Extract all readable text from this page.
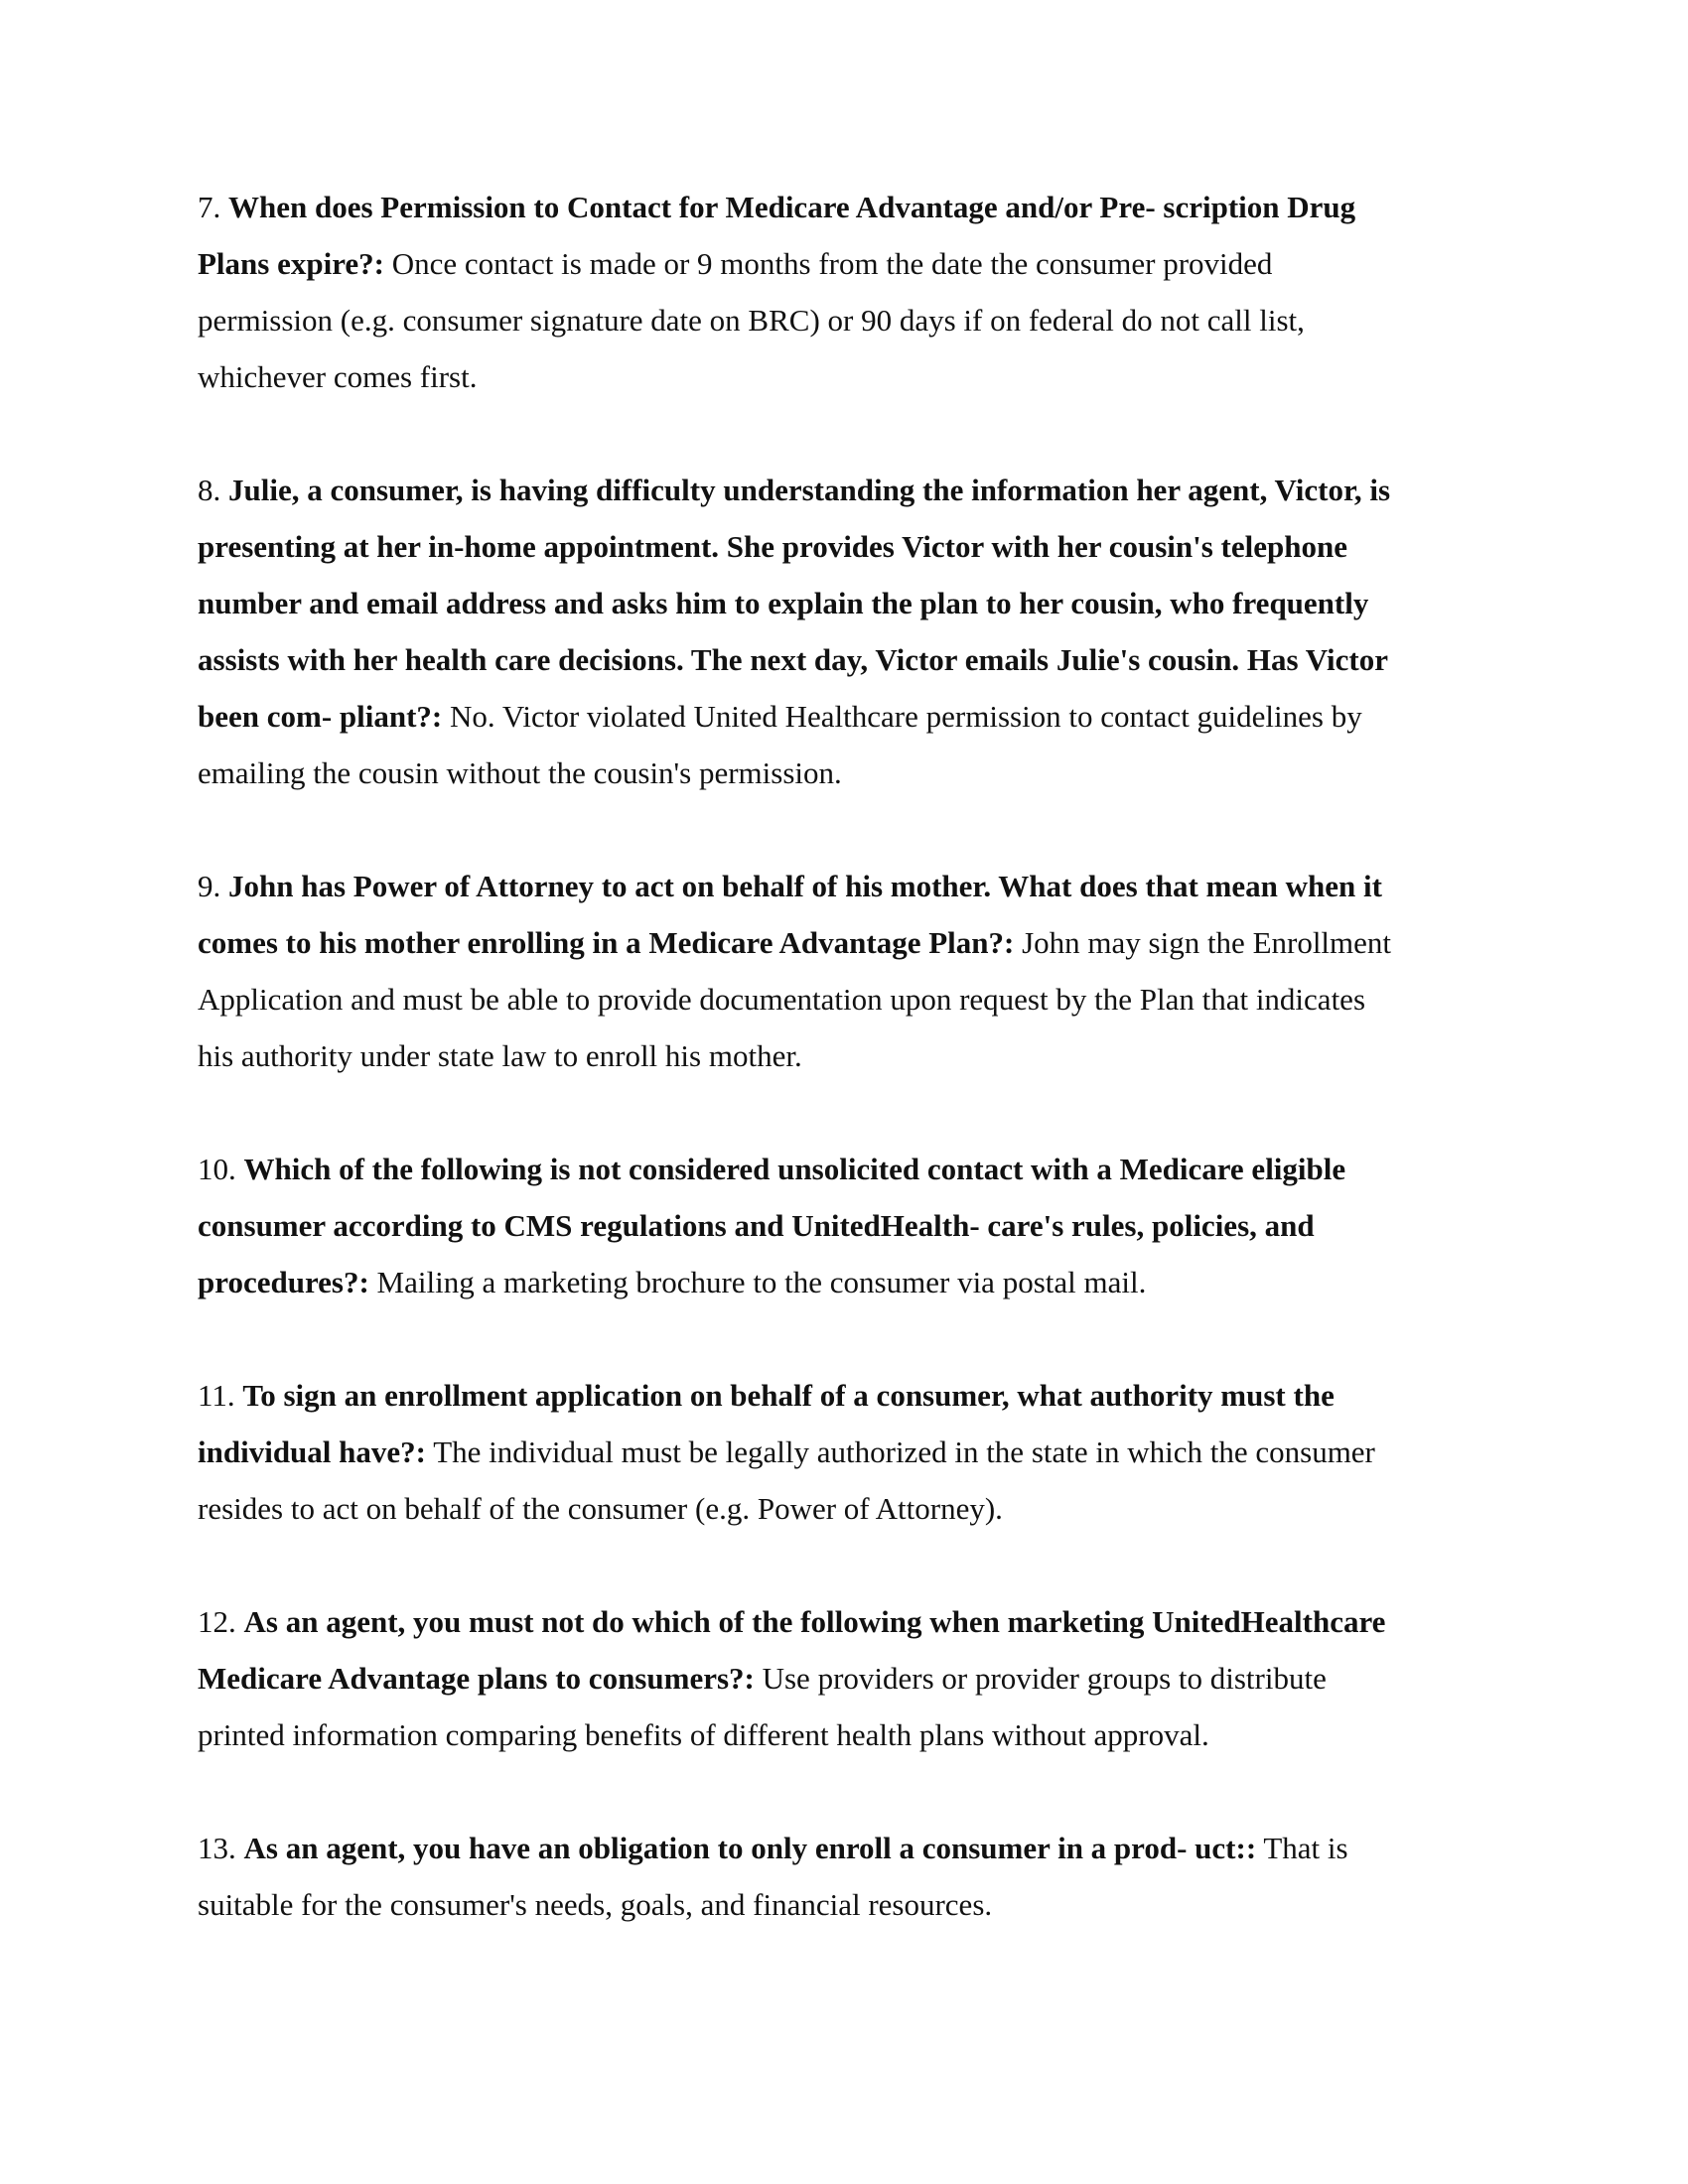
7. When does Permission to Contact for Medicare Advantage and/or Pre- scription Drug
Plans expire?: Once contact is made or 9 months from the date the consumer provided
permission (e.g. consumer signature date on BRC) or 90 days if on federal do not call list,
whichever comes first.
8. Julie, a consumer, is having difficulty understanding the information her agent, Victor, is
presenting at her in-home appointment. She provides Victor with her cousin's telephone
number and email address and asks him to explain the plan to her cousin, who frequently
assists with her health care decisions. The next day, Victor emails Julie's cousin. Has Victor
been com- pliant?: No. Victor violated United Healthcare permission to contact guidelines by
emailing the cousin without the cousin's permission.
9. John has Power of Attorney to act on behalf of his mother. What does that mean when it
comes to his mother enrolling in a Medicare Advantage Plan?: John may sign the Enrollment
Application and must be able to provide documentation upon request by the Plan that indicates
his authority under state law to enroll his mother.
10. Which of the following is not considered unsolicited contact with a Medicare eligible
consumer according to CMS regulations and UnitedHealth- care's rules, policies, and
procedures?: Mailing a marketing brochure to the consumer via postal mail.
11. To sign an enrollment application on behalf of a consumer, what authority must the
individual have?: The individual must be legally authorized in the state in which the consumer
resides to act on behalf of the consumer (e.g. Power of Attorney).
12. As an agent, you must not do which of the following when marketing UnitedHealthcare
Medicare Advantage plans to consumers?: Use providers or provider groups to distribute
printed information comparing benefits of different health plans without approval.
13. As an agent, you have an obligation to only enroll a consumer in a prod- uct:: That is
suitable for the consumer's needs, goals, and financial resources.
